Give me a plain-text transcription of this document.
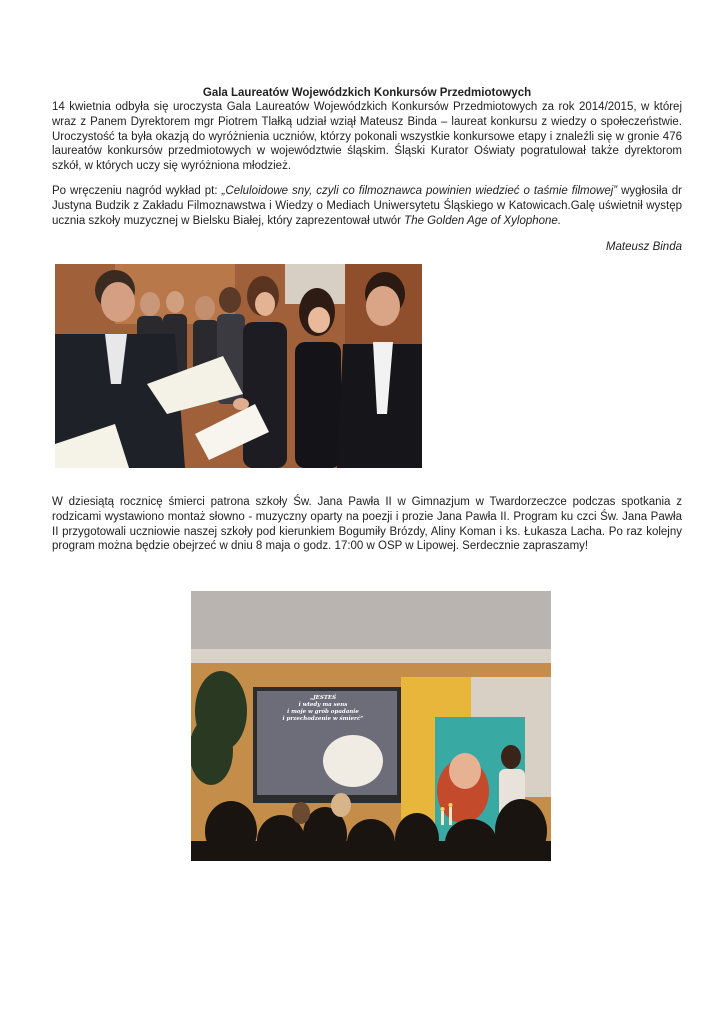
Gala Laureatów Wojewódzkich Konkursów Przedmiotowych
14 kwietnia odbyła się uroczysta Gala Laureatów Wojewódzkich Konkursów Przedmiotowych za rok 2014/2015, w której wraz z Panem Dyrektorem mgr Piotrem Tlałką udział wziął Mateusz Binda – laureat konkursu z wiedzy o społeczeństwie. Uroczystość ta była okazją do wyróżnienia uczniów, którzy pokonali wszystkie konkursowe etapy i znaleźli się w gronie 476 laureatów konkursów przedmiotowych w województwie śląskim. Śląski Kurator Oświaty pogratulował także dyrektorom szkół, w których uczy się wyróżniona młodzież.
Po wręczeniu nagród wykład pt: „Celuloidowe sny, czyli co filmoznawca powinien wiedzieć o taśmie filmowej” wygłosiła dr Justyna Budzik z Zakładu Filmoznawstwa i Wiedzy o Mediach Uniwersytetu Śląskiego w Katowicach.Galę uświetnił występ ucznia szkoły muzycznej w Bielsku Białej, który zaprezentował utwór The Golden Age of Xylophone.
Mateusz Binda
W dziesiątą rocznicę śmierci patrona szkoły Św. Jana Pawła II w Gimnazjum w Twardorzeczce podczas spotkania z rodzicami wystawiono montaż słowno - muzyczny oparty na poezji i prozie Jana Pawła II. Program ku czci Św. Jana Pawła II przygotowali uczniowie naszej szkoły pod kierunkiem Bogumiły Brózdy, Aliny Koman i ks. Łukasza Lacha. Po raz kolejny program można będzie obejrzeć w dniu 8 maja o godz. 17:00 w OSP w Lipowej. Serdecznie zapraszamy!
„JESTEŚ
i wtedy ma sens
i moje w grób opadanie
i przechodzenie w śmierć”
